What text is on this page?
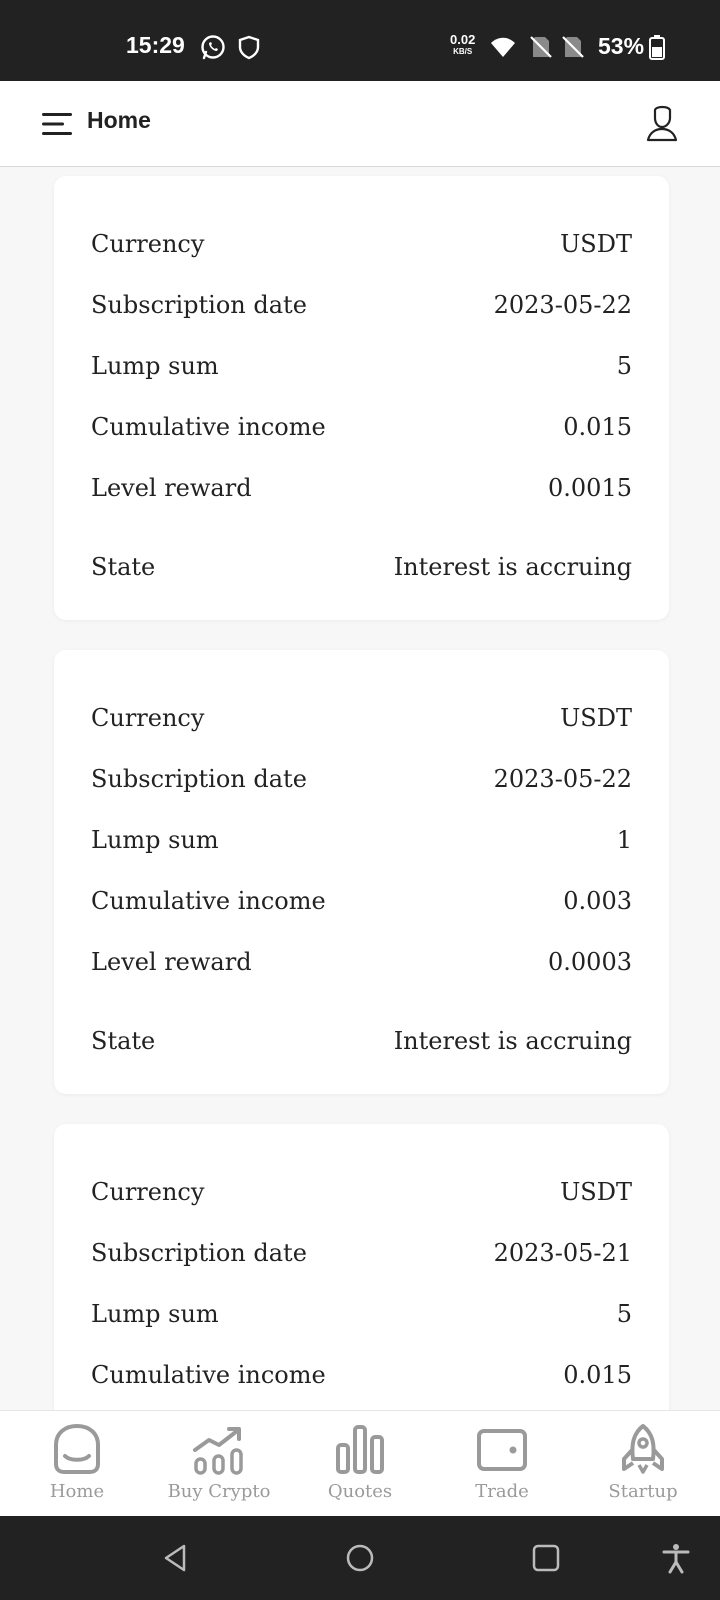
15:29	0.02
KB/S	53%
Home
Currency	USDT
Subscription date	2023-05-22
Lump sum	5
Cumulative income	0.015
Level reward	0.0015
State	Interest is accruing
Currency	USDT
Subscription date	2023-05-22
Lump sum	1
Cumulative income	0.003
Level reward	0.0003
State	Interest is accruing
Currency	USDT
Subscription date	2023-05-21
Lump sum	5
Cumulative income	0.015
Home	Buy Crypto	Quotes	Trade	Startup
